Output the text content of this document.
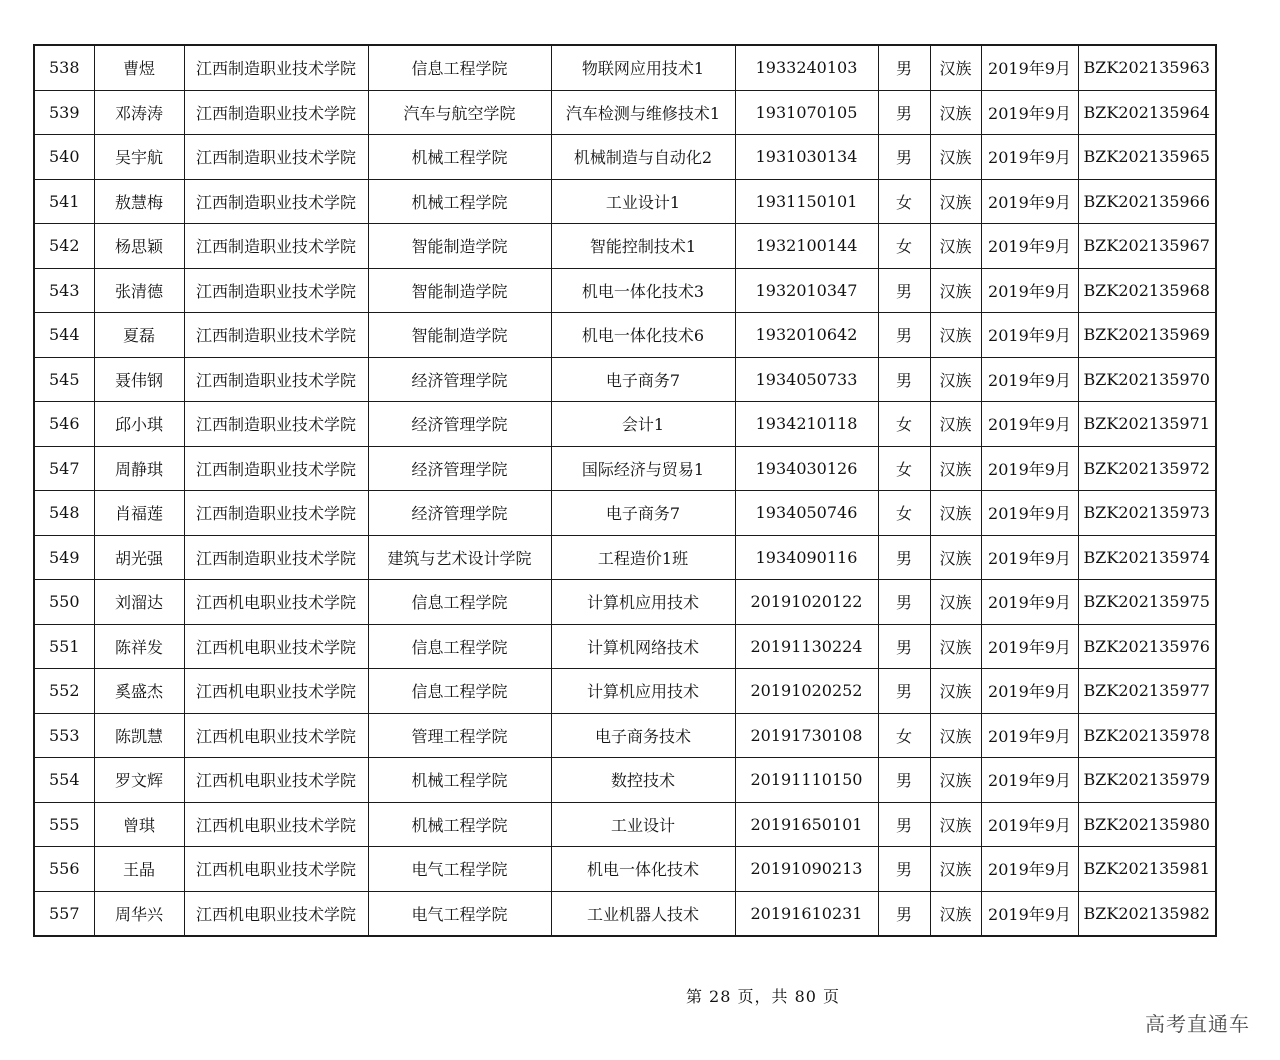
538	曹煜	江西制造职业技术学院	信息工程学院	物联网应用技术1	1933240103	男	汉族	2019年9月	BZK202135963
539	邓涛涛	江西制造职业技术学院	汽车与航空学院	汽车检测与维修技术1	1931070105	男	汉族	2019年9月	BZK202135964
540	吴宇航	江西制造职业技术学院	机械工程学院	机械制造与自动化2	1931030134	男	汉族	2019年9月	BZK202135965
541	敖慧梅	江西制造职业技术学院	机械工程学院	工业设计1	1931150101	女	汉族	2019年9月	BZK202135966
542	杨思颖	江西制造职业技术学院	智能制造学院	智能控制技术1	1932100144	女	汉族	2019年9月	BZK202135967
543	张清德	江西制造职业技术学院	智能制造学院	机电一体化技术3	1932010347	男	汉族	2019年9月	BZK202135968
544	夏磊	江西制造职业技术学院	智能制造学院	机电一体化技术6	1932010642	男	汉族	2019年9月	BZK202135969
545	聂伟钢	江西制造职业技术学院	经济管理学院	电子商务7	1934050733	男	汉族	2019年9月	BZK202135970
546	邱小琪	江西制造职业技术学院	经济管理学院	会计1	1934210118	女	汉族	2019年9月	BZK202135971
547	周静琪	江西制造职业技术学院	经济管理学院	国际经济与贸易1	1934030126	女	汉族	2019年9月	BZK202135972
548	肖福莲	江西制造职业技术学院	经济管理学院	电子商务7	1934050746	女	汉族	2019年9月	BZK202135973
549	胡光强	江西制造职业技术学院	建筑与艺术设计学院	工程造价1班	1934090116	男	汉族	2019年9月	BZK202135974
550	刘溜达	江西机电职业技术学院	信息工程学院	计算机应用技术	20191020122	男	汉族	2019年9月	BZK202135975
551	陈祥发	江西机电职业技术学院	信息工程学院	计算机网络技术	20191130224	男	汉族	2019年9月	BZK202135976
552	奚盛杰	江西机电职业技术学院	信息工程学院	计算机应用技术	20191020252	男	汉族	2019年9月	BZK202135977
553	陈凯慧	江西机电职业技术学院	管理工程学院	电子商务技术	20191730108	女	汉族	2019年9月	BZK202135978
554	罗文辉	江西机电职业技术学院	机械工程学院	数控技术	20191110150	男	汉族	2019年9月	BZK202135979
555	曾琪	江西机电职业技术学院	机械工程学院	工业设计	20191650101	男	汉族	2019年9月	BZK202135980
556	王晶	江西机电职业技术学院	电气工程学院	机电一体化技术	20191090213	男	汉族	2019年9月	BZK202135981
557	周华兴	江西机电职业技术学院	电气工程学院	工业机器人技术	20191610231	男	汉族	2019年9月	BZK202135982
第 28 页，共 80 页
高考直通车
